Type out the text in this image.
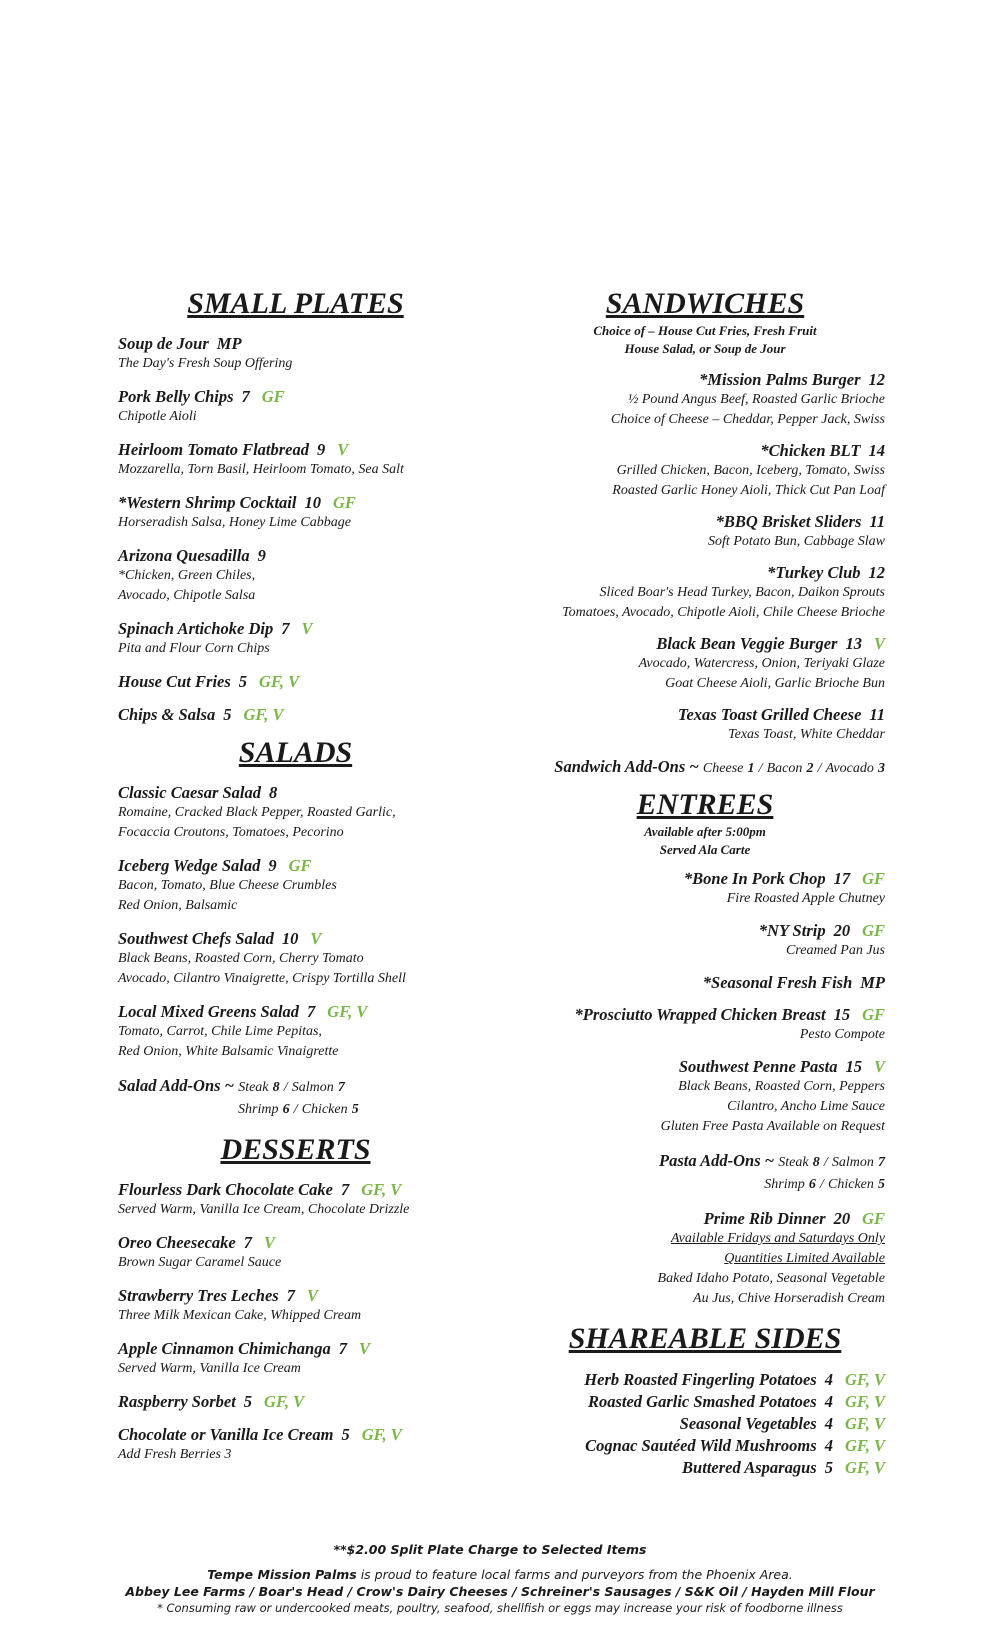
SMALL PLATES
Soup de Jour MP
The Day's Fresh Soup Offering
Pork Belly Chips 7 GF
Chipotle Aioli
Heirloom Tomato Flatbread 9 V
Mozzarella, Torn Basil, Heirloom Tomato, Sea Salt
*Western Shrimp Cocktail 10 GF
Horseradish Salsa, Honey Lime Cabbage
Arizona Quesadilla 9
*Chicken, Green Chiles,
Avocado, Chipotle Salsa
Spinach Artichoke Dip 7 V
Pita and Flour Corn Chips
House Cut Fries 5 GF, V
Chips & Salsa 5 GF, V
SALADS
Classic Caesar Salad 8
Romaine, Cracked Black Pepper, Roasted Garlic,
Focaccia Croutons, Tomatoes, Pecorino
Iceberg Wedge Salad 9 GF
Bacon, Tomato, Blue Cheese Crumbles
Red Onion, Balsamic
Southwest Chefs Salad 10 V
Black Beans, Roasted Corn, Cherry Tomato
Avocado, Cilantro Vinaigrette, Crispy Tortilla Shell
Local Mixed Greens Salad 7 GF, V
Tomato, Carrot, Chile Lime Pepitas,
Red Onion, White Balsamic Vinaigrette
Salad Add-Ons ~ Steak 8 / Salmon 7
Shrimp 6 / Chicken 5
DESSERTS
Flourless Dark Chocolate Cake 7 GF, V
Served Warm, Vanilla Ice Cream, Chocolate Drizzle
Oreo Cheesecake 7 V
Brown Sugar Caramel Sauce
Strawberry Tres Leches 7 V
Three Milk Mexican Cake, Whipped Cream
Apple Cinnamon Chimichanga 7 V
Served Warm, Vanilla Ice Cream
Raspberry Sorbet 5 GF, V
Chocolate or Vanilla Ice Cream 5 GF, V
Add Fresh Berries 3
SANDWICHES

Choice of – House Cut Fries, Fresh Fruit

House Salad, or Soup de Jour

*Mission Palms Burger 12
½ Pound Angus Beef, Roasted Garlic Brioche
Choice of Cheese – Cheddar, Pepper Jack, Swiss
*Chicken BLT 14
Grilled Chicken, Bacon, Iceberg, Tomato, Swiss
Roasted Garlic Honey Aioli, Thick Cut Pan Loaf
*BBQ Brisket Sliders 11
Soft Potato Bun, Cabbage Slaw
*Turkey Club 12
Sliced Boar's Head Turkey, Bacon, Daikon Sprouts
Tomatoes, Avocado, Chipotle Aioli, Chile Cheese Brioche
Black Bean Veggie Burger 13 V
Avocado, Watercress, Onion, Teriyaki Glaze
Goat Cheese Aioli, Garlic Brioche Bun
Texas Toast Grilled Cheese 11
Texas Toast, White Cheddar
Sandwich Add-Ons ~ Cheese 1 / Bacon 2 / Avocado 3
ENTREES

Available after 5:00pm

Served Ala Carte

*Bone In Pork Chop 17 GF
Fire Roasted Apple Chutney
*NY Strip 20 GF
Creamed Pan Jus
*Seasonal Fresh Fish MP
*Prosciutto Wrapped Chicken Breast 15 GF
Pesto Compote
Southwest Penne Pasta 15 V
Black Beans, Roasted Corn, Peppers
Cilantro, Ancho Lime Sauce
Gluten Free Pasta Available on Request
Pasta Add-Ons ~ Steak 8 / Salmon 7
Shrimp 6 / Chicken 5
Prime Rib Dinner 20 GF
Available Fridays and Saturdays Only
Quantities Limited Available
Baked Idaho Potato, Seasonal Vegetable
Au Jus, Chive Horseradish Cream
SHAREABLE SIDES
Herb Roasted Fingerling Potatoes 4 GF, V
Roasted Garlic Smashed Potatoes 4 GF, V
Seasonal Vegetables 4 GF, V
Cognac Sautéed Wild Mushrooms 4 GF, V
Buttered Asparagus 5 GF, V
**$2.00 Split Plate Charge to Selected Items
Tempe Mission Palms is proud to feature local farms and purveyors from the Phoenix Area.
Abbey Lee Farms / Boar's Head / Crow's Dairy Cheeses / Schreiner's Sausages / S&K Oil / Hayden Mill Flour
* Consuming raw or undercooked meats, poultry, seafood, shellfish or eggs may increase your risk of foodborne illness
